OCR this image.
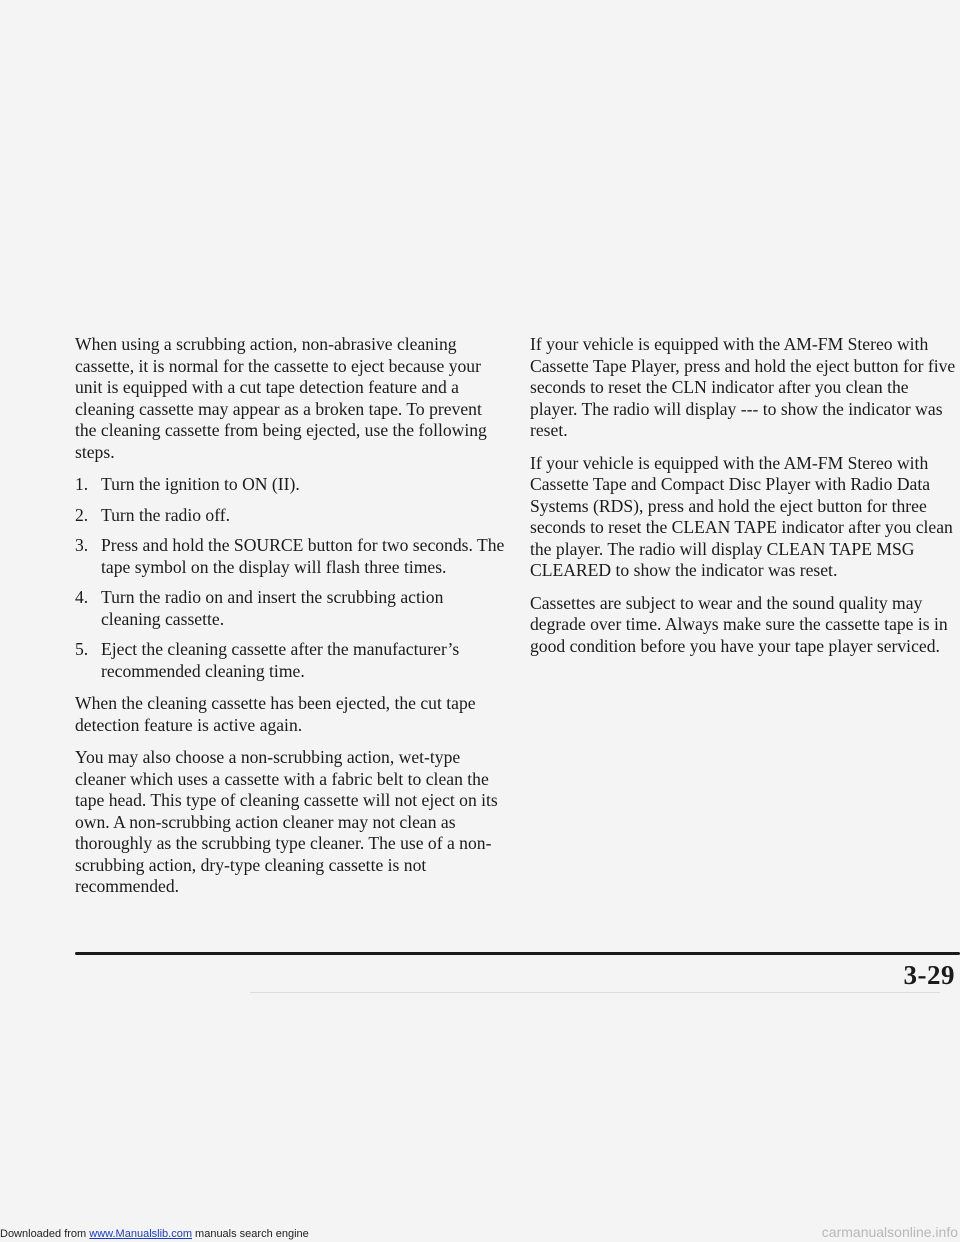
When using a scrubbing action, non-abrasive cleaning cassette, it is normal for the cassette to eject because your unit is equipped with a cut tape detection feature and a cleaning cassette may appear as a broken tape. To prevent the cleaning cassette from being ejected, use the following steps.

1. Turn the ignition to ON (II).
2. Turn the radio off.
3. Press and hold the SOURCE button for two seconds. The tape symbol on the display will flash three times.
4. Turn the radio on and insert the scrubbing action cleaning cassette.
5. Eject the cleaning cassette after the manufacturer’s recommended cleaning time.

When the cleaning cassette has been ejected, the cut tape detection feature is active again.

You may also choose a non-scrubbing action, wet-type cleaner which uses a cassette with a fabric belt to clean the tape head. This type of cleaning cassette will not eject on its own. A non-scrubbing action cleaner may not clean as thoroughly as the scrubbing type cleaner. The use of a non-scrubbing action, dry-type cleaning cassette is not recommended.

If your vehicle is equipped with the AM-FM Stereo with Cassette Tape Player, press and hold the eject button for five seconds to reset the CLN indicator after you clean the player. The radio will display --- to show the indicator was reset.

If your vehicle is equipped with the AM-FM Stereo with Cassette Tape and Compact Disc Player with Radio Data Systems (RDS), press and hold the eject button for three seconds to reset the CLEAN TAPE indicator after you clean the player. The radio will display CLEAN TAPE MSG CLEARED to show the indicator was reset.

Cassettes are subject to wear and the sound quality may degrade over time. Always make sure the cassette tape is in good condition before you have your tape player serviced.

3-29
Downloaded from www.Manualslib.com manuals search engine	carmanualsonline.info
